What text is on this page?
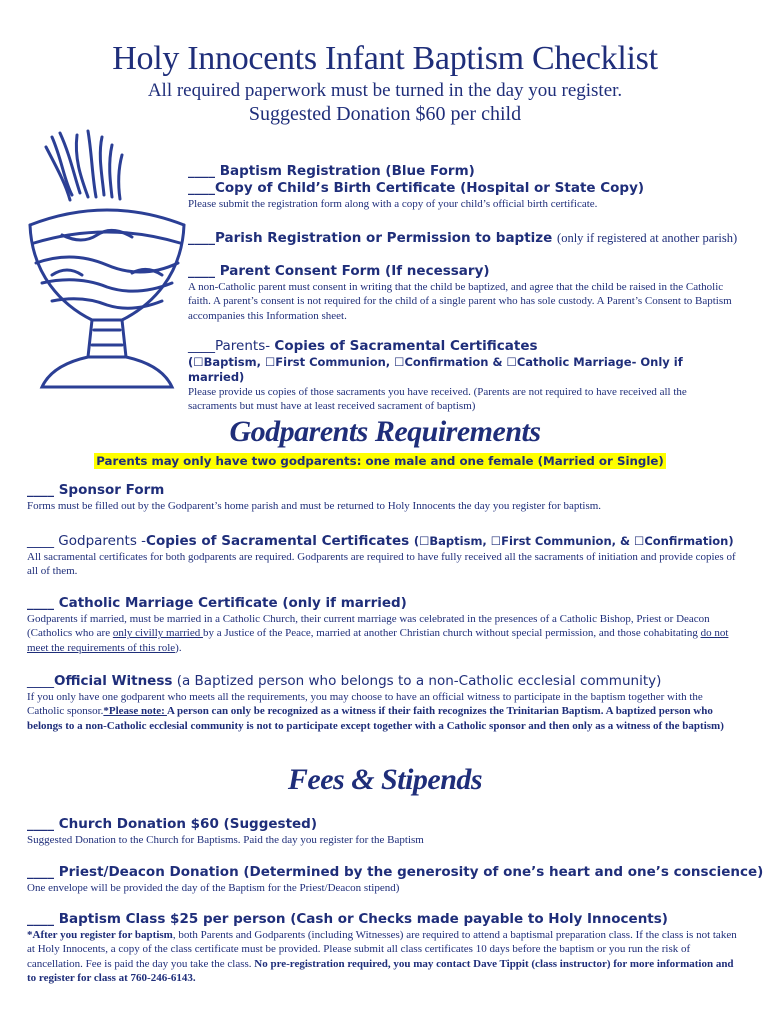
Holy Innocents Infant Baptism Checklist
All required paperwork must be turned in the day you register.
Suggested Donation $60 per child
____ Baptism Registration (Blue Form)
____Copy of Child’s Birth Certificate (Hospital or State Copy)
Please submit the registration form along with a copy of your child’s official birth certificate.
____Parish Registration or Permission to baptize (only if registered at another parish)
____ Parent Consent Form (If necessary)
A non-Catholic parent must consent in writing that the child be baptized, and agree that the child be raised in the Catholic faith. A parent’s consent is not required for the child of a single parent who has sole custody. A Parent’s Consent to Baptism accompanies this Information sheet.
____Parents- Copies of Sacramental Certificates
(☐Baptism, ☐First Communion, ☐Confirmation & ☐Catholic Marriage- Only if married)
Please provide us copies of those sacraments you have received. (Parents are not required to have received all the sacraments but must have at least received sacrament of baptism)
Godparents Requirements
Parents may only have two godparents: one male and one female (Married or Single)
____ Sponsor Form
Forms must be filled out by the Godparent’s home parish and must be returned to Holy Innocents the day you register for baptism.
____ Godparents -Copies of Sacramental Certificates (☐Baptism, ☐First Communion, & ☐Confirmation)
All sacramental certificates for both godparents are required. Godparents are required to have fully received all the sacraments of initiation and provide copies of all of them.
____ Catholic Marriage Certificate (only if married)
Godparents if married, must be married in a Catholic Church, their current marriage was celebrated in the presences of a Catholic Bishop, Priest or Deacon (Catholics who are only civilly married by a Justice of the Peace, married at another Christian church without special permission, and those cohabitating do not meet the requirements of this role).
____Official Witness (a Baptized person who belongs to a non-Catholic ecclesial community)
If you only have one godparent who meets all the requirements, you may choose to have an official witness to participate in the baptism together with the Catholic sponsor.*Please note: A person can only be recognized as a witness if their faith recognizes the Trinitarian Baptism. A baptized person who belongs to a non-Catholic ecclesial community is not to participate except together with a Catholic sponsor and then only as a witness of the baptism)
Fees & Stipends
____ Church Donation $60 (Suggested)
Suggested Donation to the Church for Baptisms. Paid the day you register for the Baptism
____ Priest/Deacon Donation (Determined by the generosity of one’s heart and one’s conscience)
One envelope will be provided the day of the Baptism for the Priest/Deacon stipend)
____ Baptism Class $25 per person (Cash or Checks made payable to Holy Innocents)
*After you register for baptism, both Parents and Godparents (including Witnesses) are required to attend a baptismal preparation class. If the class is not taken at Holy Innocents, a copy of the class certificate must be provided. Please submit all class certificates 10 days before the baptism or you run the risk of cancellation. Fee is paid the day you take the class. No pre-registration required, you may contact Dave Tippit (class instructor) for more information and to register for class at 760-246-6143.
